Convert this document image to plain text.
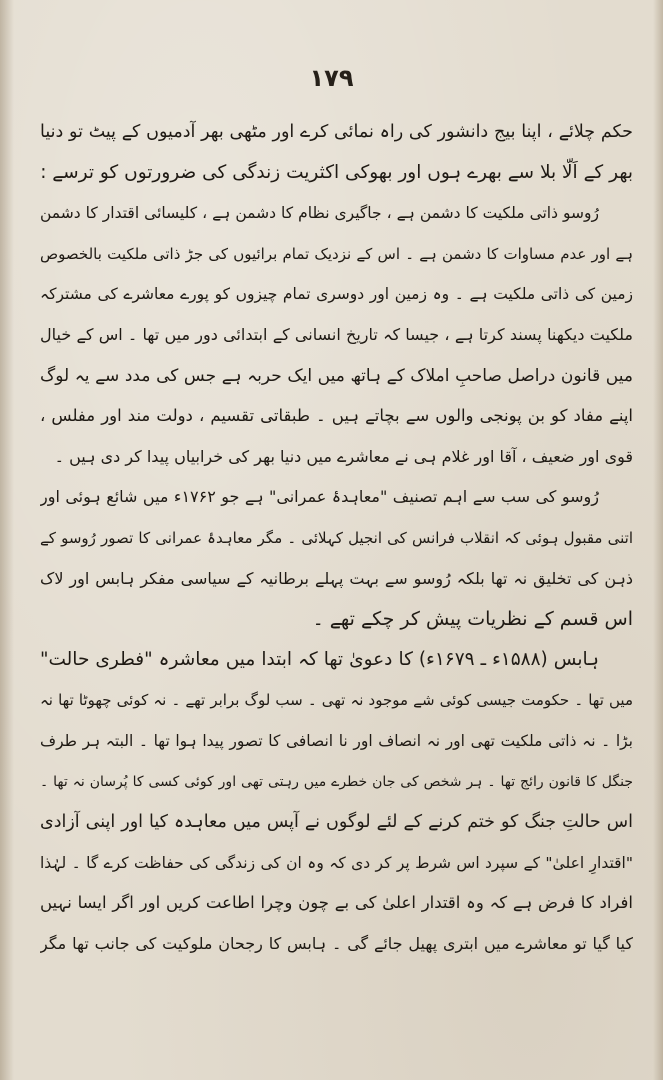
۱۷۹
حکم چلائے ، اپنا بیج دانشور کی راہ نمائی کرے اور مٹھی بھر آدمیوں کے پیٹ تو دنیا
بھر کے اَلّا بلا سے بھرے ہوں اور بھوکی اکثریت زندگی کی ضرورتوں کو ترسے :
رُوسو ذاتی ملکیت کا دشمن ہے ، جاگیری نظام کا دشمن ہے ، کلیسائی اقتدار کا دشمن
ہے اور عدم مساوات کا دشمن ہے ۔ اس کے نزدیک تمام برائیوں کی جڑ ذاتی ملکیت بالخصوص
زمین کی ذاتی ملکیت ہے ۔ وہ زمین اور دوسری تمام چیزوں کو پورے معاشرے کی مشترکہ
ملکیت دیکھنا پسند کرتا ہے ، جیسا کہ تاریخ انسانی کے ابتدائی دور میں تھا ۔ اس کے خیال
میں قانون دراصل صاحبِ املاک کے ہاتھ میں ایک حربہ ہے جس کی مدد سے یہ لوگ
اپنے مفاد کو بن پونجی والوں سے بچاتے ہیں ۔ طبقاتی تقسیم ، دولت مند اور مفلس ،
قوی اور ضعیف ، آقا اور غلام ہی نے معاشرے میں دنیا بھر کی خرابیاں پیدا کر دی ہیں ۔
رُوسو کی سب سے اہم تصنیف "معاہدۂ عمرانی" ہے جو ۱۷۶۲ء میں شائع ہوئی اور
اتنی مقبول ہوئی کہ انقلاب فرانس کی انجیل کہلائی ۔ مگر معاہدۂ عمرانی کا تصور رُوسو کے
ذہن کی تخلیق نہ تھا بلکہ رُوسو سے بہت پہلے برطانیہ کے سیاسی مفکر ہابس اور لاک
اس قسم کے نظریات پیش کر چکے تھے ۔
ہابس (۱۵۸۸ء ـ ۱۶۷۹ء) کا دعویٰ تھا کہ ابتدا میں معاشرہ "فطری حالت"
میں تھا ۔ حکومت جیسی کوئی شے موجود نہ تھی ۔ سب لوگ برابر تھے ۔ نہ کوئی چھوٹا تھا نہ
بڑا ۔ نہ ذاتی ملکیت تھی اور نہ انصاف اور نا انصافی کا تصور پیدا ہوا تھا ۔ البتہ ہر طرف
جنگل کا قانون رائج تھا ۔ ہر شخص کی جان خطرے میں رہتی تھی اور کوئی کسی کا پُرسان نہ تھا ۔
اس حالتِ جنگ کو ختم کرنے کے لئے لوگوں نے آپس میں معاہدہ کیا اور اپنی آزادی
"اقتدارِ اعلیٰ" کے سپرد اس شرط پر کر دی کہ وہ ان کی زندگی کی حفاظت کرے گا ۔ لہٰذا
افراد کا فرض ہے کہ وہ اقتدار اعلیٰ کی بے چون وچرا اطاعت کریں اور اگر ایسا نہیں
کیا گیا تو معاشرے میں ابتری پھیل جائے گی ۔ ہابس کا رجحان ملوکیت کی جانب تھا مگر
